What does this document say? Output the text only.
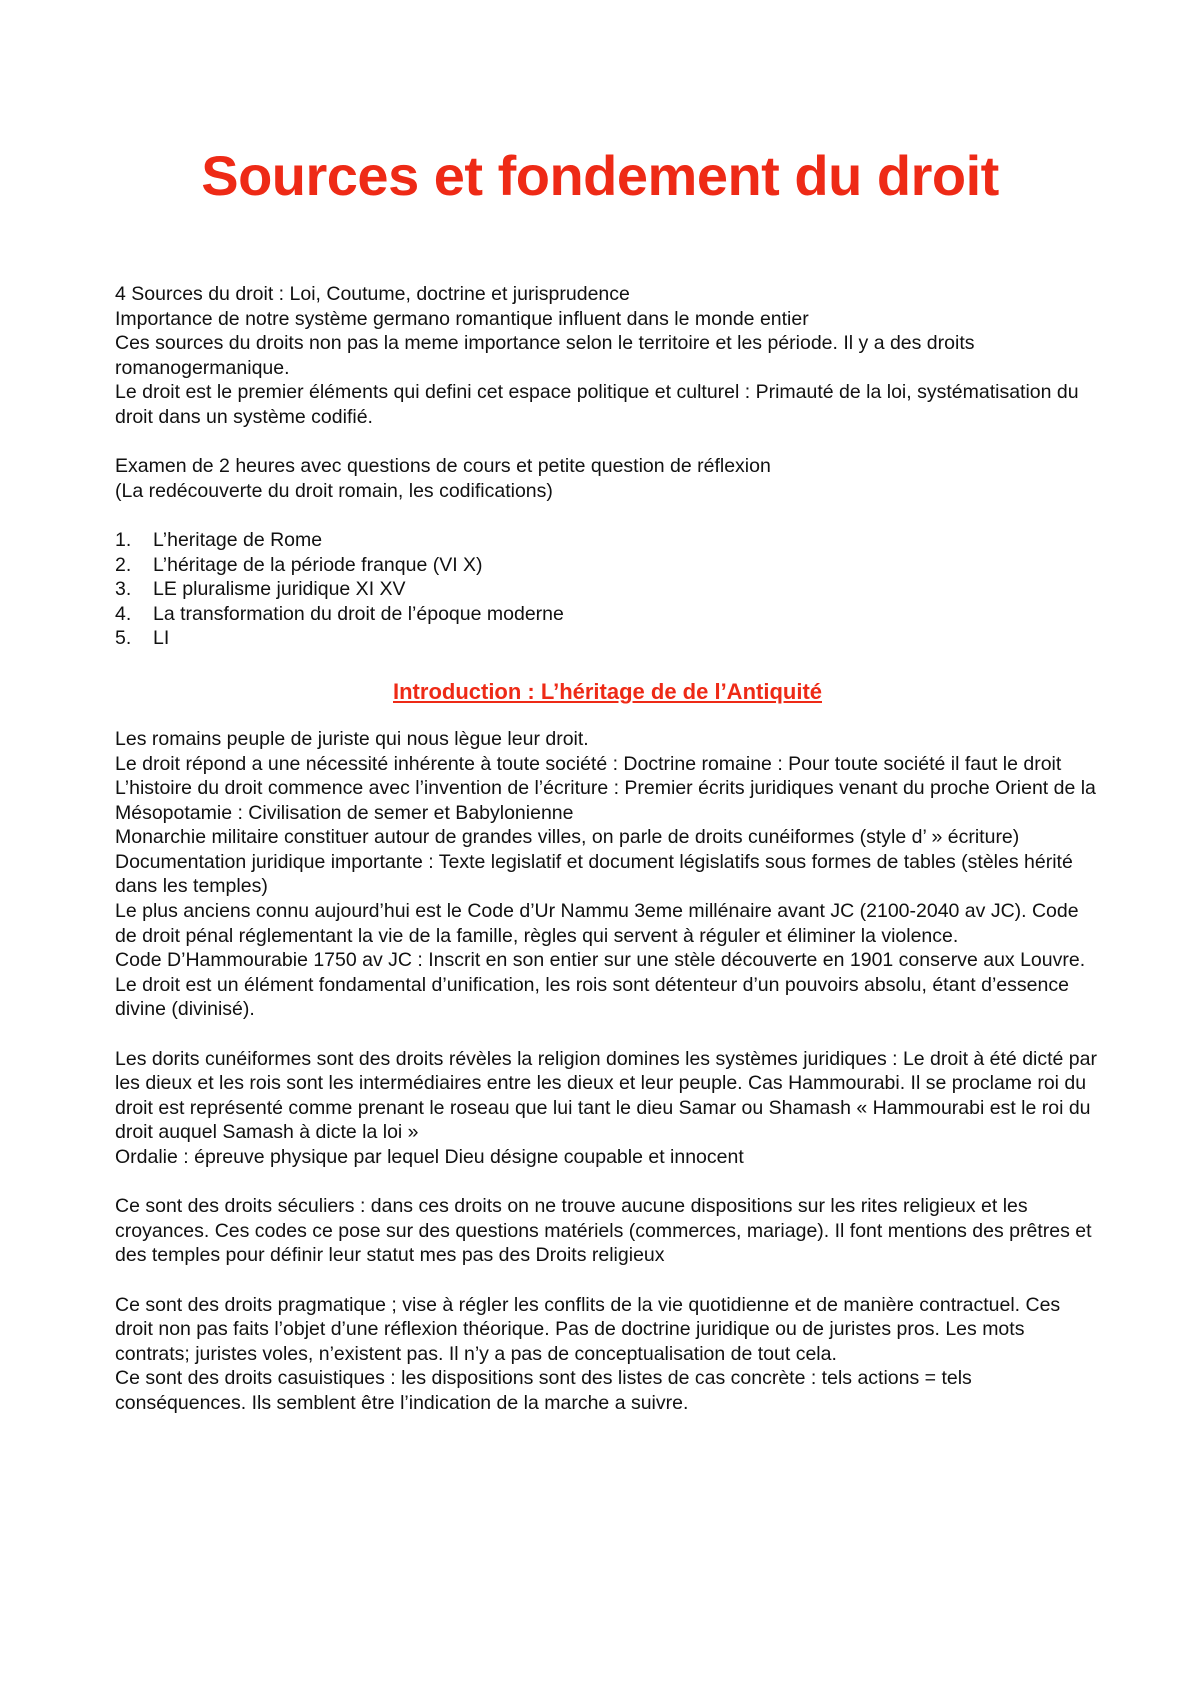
Sources et fondement du droit

4 Sources du droit : Loi, Coutume, doctrine et jurisprudence

Importance de notre système germano romantique influent dans le monde entier

Ces sources du droits non pas la meme importance selon le territoire et les période. Il y a des droits romanogermanique.

Le droit est le premier éléments qui defini cet espace politique et culturel : Primauté de la loi, systématisation du droit dans un système codifié.

Examen de 2 heures avec questions de cours et petite question de réflexion

(La redécouverte du droit romain, les codifications)

1.	L’heritage de Rome
2.	L’héritage de la période franque (VI X)
3.	LE pluralisme juridique XI XV
4.	La transformation du droit de l’époque moderne
5.	LI
Introduction : L’héritage de de l’Antiquité

Les romains peuple de juriste qui nous lègue leur droit.

Le droit répond a une nécessité inhérente à toute société : Doctrine romaine : Pour toute société il faut le droit

L’histoire du droit commence avec l’invention de l’écriture : Premier écrits juridiques venant du proche Orient de la Mésopotamie : Civilisation de semer et Babylonienne

Monarchie militaire constituer autour de grandes villes, on parle de droits cunéiformes (style d’ » écriture)

Documentation juridique importante : Texte legislatif et document législatifs sous formes de tables (stèles hérité dans les temples)

Le plus anciens connu aujourd’hui est le Code d’Ur Nammu 3eme millénaire avant JC (2100-2040 av JC). Code de droit pénal réglementant la vie de la famille, règles qui servent à réguler et éliminer la violence.

Code D’Hammourabie 1750 av JC : Inscrit en son entier sur une stèle découverte en 1901 conserve aux Louvre.

Le droit est un élément fondamental d’unification, les rois sont détenteur d’un pouvoirs absolu, étant d’essence divine (divinisé).

Les dorits cunéiformes sont des droits révèles la religion domines les systèmes juridiques : Le droit à été dicté par les dieux et les rois sont les intermédiaires entre les dieux et leur peuple. Cas Hammourabi. Il se proclame roi du droit est représenté comme prenant le roseau que lui tant le dieu Samar ou Shamash « Hammourabi est le roi du droit auquel Samash à dicte la loi »

Ordalie : épreuve physique par lequel Dieu désigne coupable et innocent

Ce sont des droits séculiers : dans ces droits on ne trouve aucune dispositions sur les rites religieux et les croyances. Ces codes ce pose sur des questions matériels (commerces, mariage). Il font mentions des prêtres et des temples pour définir leur statut mes pas des Droits religieux

Ce sont des droits pragmatique ; vise à régler les conflits de la vie quotidienne et de manière contractuel. Ces droit non pas faits l’objet d’une réflexion théorique. Pas de doctrine juridique ou de juristes pros. Les mots contrats; juristes voles, n’existent pas. Il n’y a pas de conceptualisation de tout cela.

Ce sont des droits casuistiques : les dispositions sont des listes de cas concrète : tels actions = tels conséquences. Ils semblent être l’indication de la marche a suivre.
